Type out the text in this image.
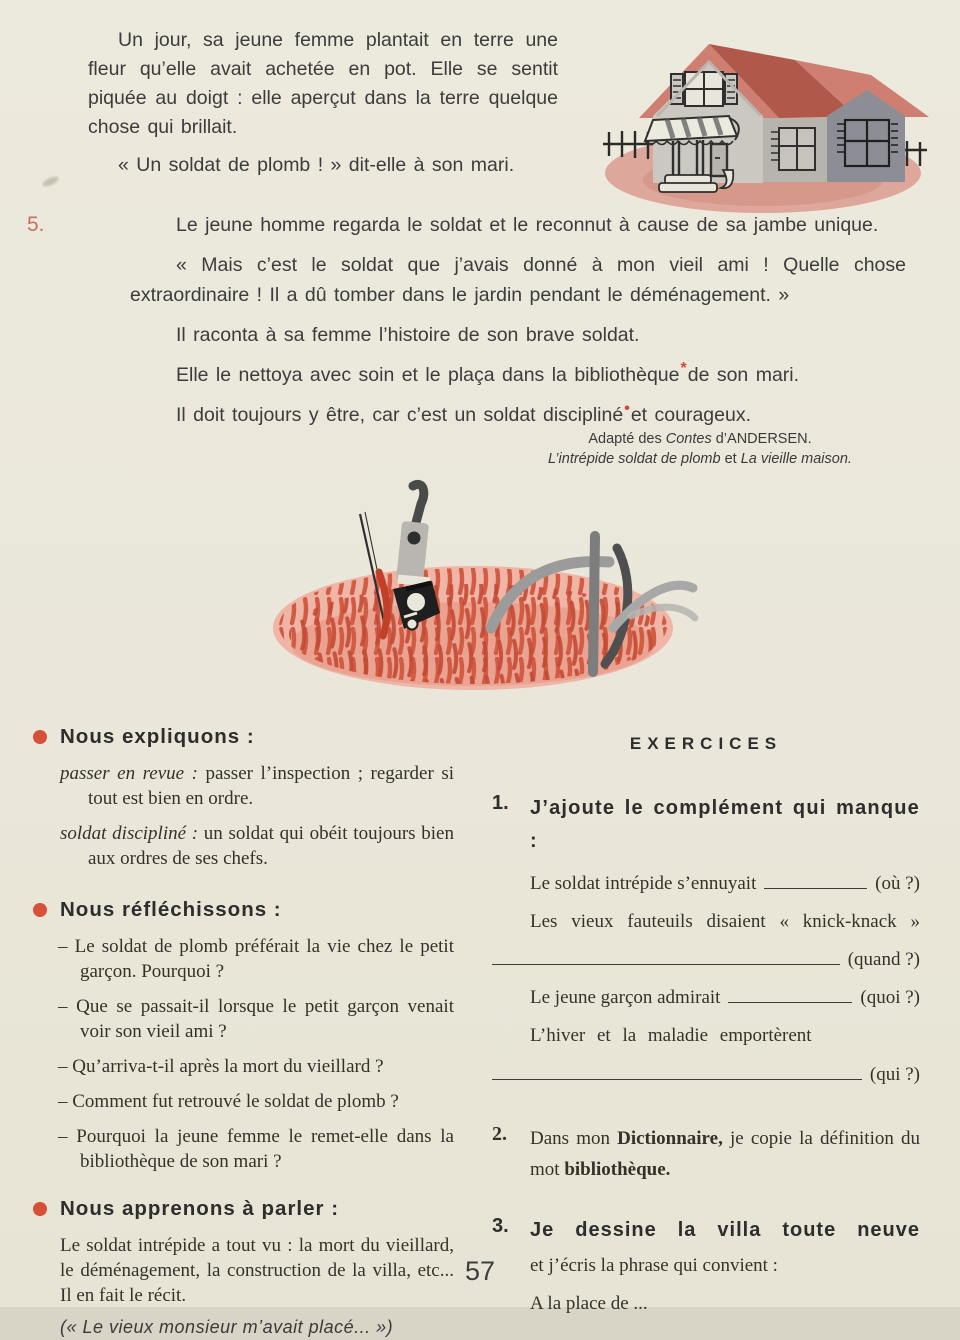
Un jour, sa jeune femme plantait en terre une fleur qu’elle avait achetée en pot. Elle se sentit piquée au doigt : elle aperçut dans la terre quelque chose qui brillait.

« Un soldat de plomb ! » dit-elle à son mari.

5.	Le jeune homme regarda le soldat et le reconnut à cause de sa jambe unique.

« Mais c’est le soldat que j’avais donné à mon vieil ami ! Quelle chose extraordinaire ! Il a dû tomber dans le jardin pendant le déménagement. »

Il raconta à sa femme l’histoire de son brave soldat.

Elle le nettoya avec soin et le plaça dans la bibliothèque*de son mari.

Il doit toujours y être, car c’est un soldat discipliné•et courageux.

Adapté des Contes d’ANDERSEN.
L’intrépide soldat de plomb et La vieille maison.
Nous expliquons :

passer en revue : passer l’inspection ; regarder si tout est bien en ordre.

soldat discipliné : un soldat qui obéit toujours bien aux ordres de ses chefs.

Nous réfléchissons :

– Le soldat de plomb préférait la vie chez le petit garçon. Pourquoi ?

– Que se passait-il lorsque le petit garçon venait voir son vieil ami ?

– Qu’arriva-t-il après la mort du vieillard ?

– Comment fut retrouvé le soldat de plomb ?

– Pourquoi la jeune femme le remet-elle dans la bibliothèque de son mari ?

Nous apprenons à parler :

Le soldat intrépide a tout vu : la mort du vieillard, le déménagement, la construction de la villa, etc... Il en fait le récit.

(« Le vieux monsieur m’avait placé... »)

EXERCICES
1.	J’ajoute le complément qui manque :
Le soldat intrépide s’ennuyait	(où ?)
Les vieux fauteuils disaient « knick-knack »
(quand ?)
Le jeune garçon admirait	(quoi ?)
L’hiver et la maladie emportèrent
(qui ?)
2.	Dans mon Dictionnaire, je copie la définition du mot bibliothèque.
3.	Je dessine la villa toute neuve
et j’écris la phrase qui convient :
A la place de ...
57
